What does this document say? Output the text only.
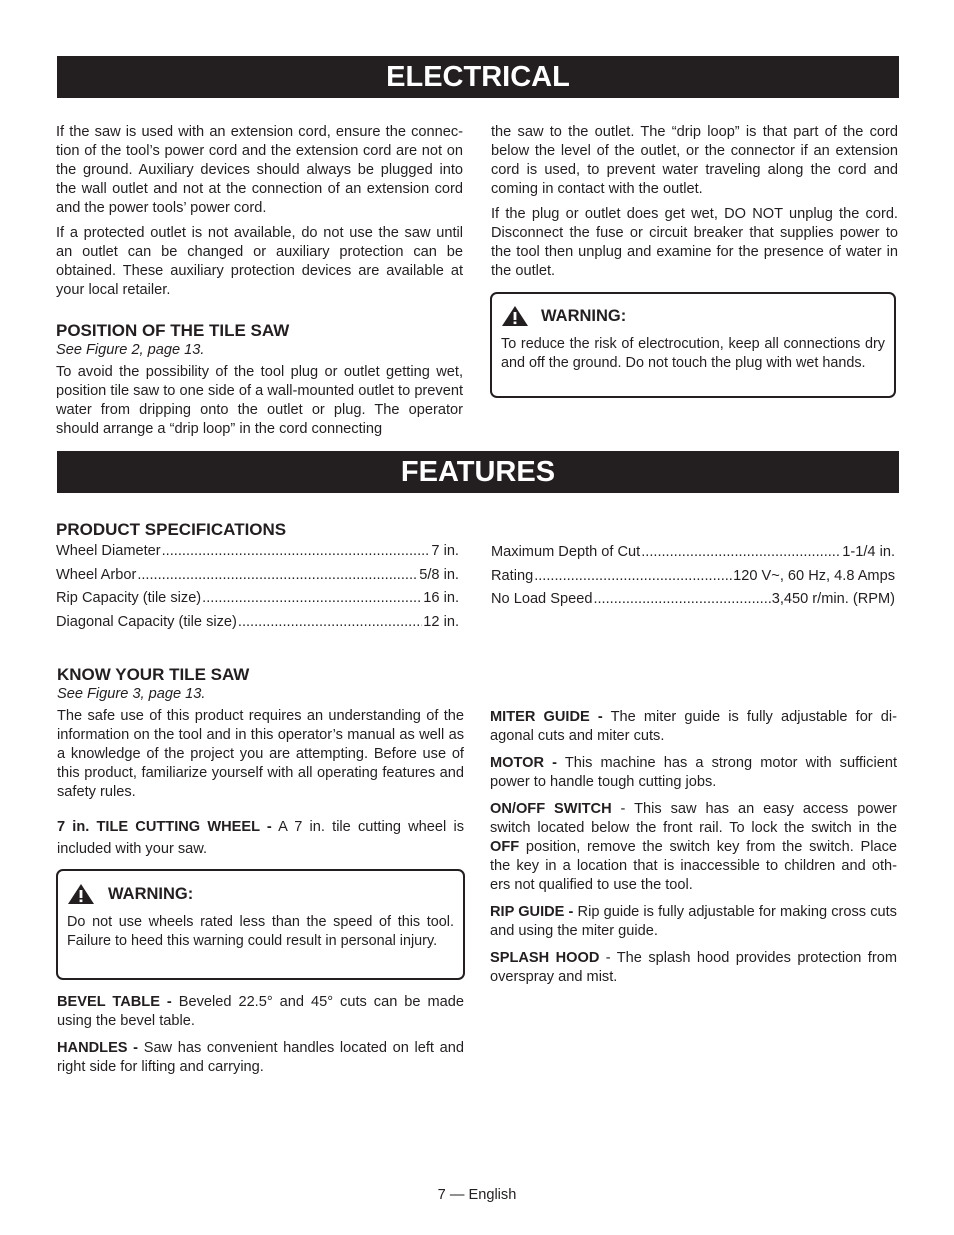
ELECTRICAL

If the saw is used with an extension cord, ensure the connec- tion of the tool’s power cord and the extension cord are not on the ground. Auxiliary devices should always be plugged into the wall outlet and not at the connection of an extension cord and the power tools’ power cord.

If a protected outlet is not available, do not use the saw until an outlet can be changed or auxiliary protection can be obtained. These auxiliary protection devices are available at your local retailer.

POSITION OF THE TILE SAW
See Figure 2, page 13.

To avoid the possibility of the tool plug or outlet getting wet, position tile saw to one side of a wall-mounted outlet to prevent water from dripping onto the outlet or plug. The operator should arrange a “drip loop” in the cord connecting

the saw to the outlet. The “drip loop” is that part of the cord below the level of the outlet, or the connector if an extension cord is used, to prevent water traveling along the cord and coming in contact with the outlet.

If the plug or outlet does get wet, DO NOT unplug the cord. Disconnect the fuse or circuit breaker that supplies power to the tool then unplug and examine for the presence of water in the outlet.

WARNING:
To reduce the risk of electrocution, keep all connections dry and off the ground. Do not touch the plug with wet hands.
FEATURES
PRODUCT SPECIFICATIONS
Wheel Diameter .....	7 in.
Wheel Arbor .....	5/8 in.
Rip Capacity (tile size) .....	16 in.
Diagonal Capacity (tile size) .....	12 in.
Maximum Depth of Cut .....	1-1/4 in.
Rating .....	120 V~, 60 Hz, 4.8 Amps
No Load Speed .....	3,450 r/min. (RPM)
KNOW YOUR TILE SAW
See Figure 3, page 13.

The safe use of this product requires an understanding of the information on the tool and in this operator’s manual as well as a knowledge of the project you are attempting. Before use of this product, familiarize yourself with all operating features and safety rules.

7 in. TILE CUTTING WHEEL - A 7 in. tile cutting wheel is included with your saw.

WARNING:
Do not use wheels rated less than the speed of this tool. Failure to heed this warning could result in personal injury.

BEVEL TABLE - Beveled 22.5° and 45° cuts can be made using the bevel table.

HANDLES - Saw has convenient handles located on left and right side for lifting and carrying.

MITER GUIDE - The miter guide is fully adjustable for di- agonal cuts and miter cuts.

MOTOR - This machine has a strong motor with sufficient power to handle tough cutting jobs.

ON/OFF SWITCH - This saw has an easy access power switch located below the front rail. To lock the switch in the OFF position, remove the switch key from the switch. Place the key in a location that is inaccessible to children and oth- ers not qualified to use the tool.

RIP GUIDE - Rip guide is fully adjustable for making cross cuts and using the miter guide.

SPLASH HOOD - The splash hood provides protection from overspray and mist.

7 — English
